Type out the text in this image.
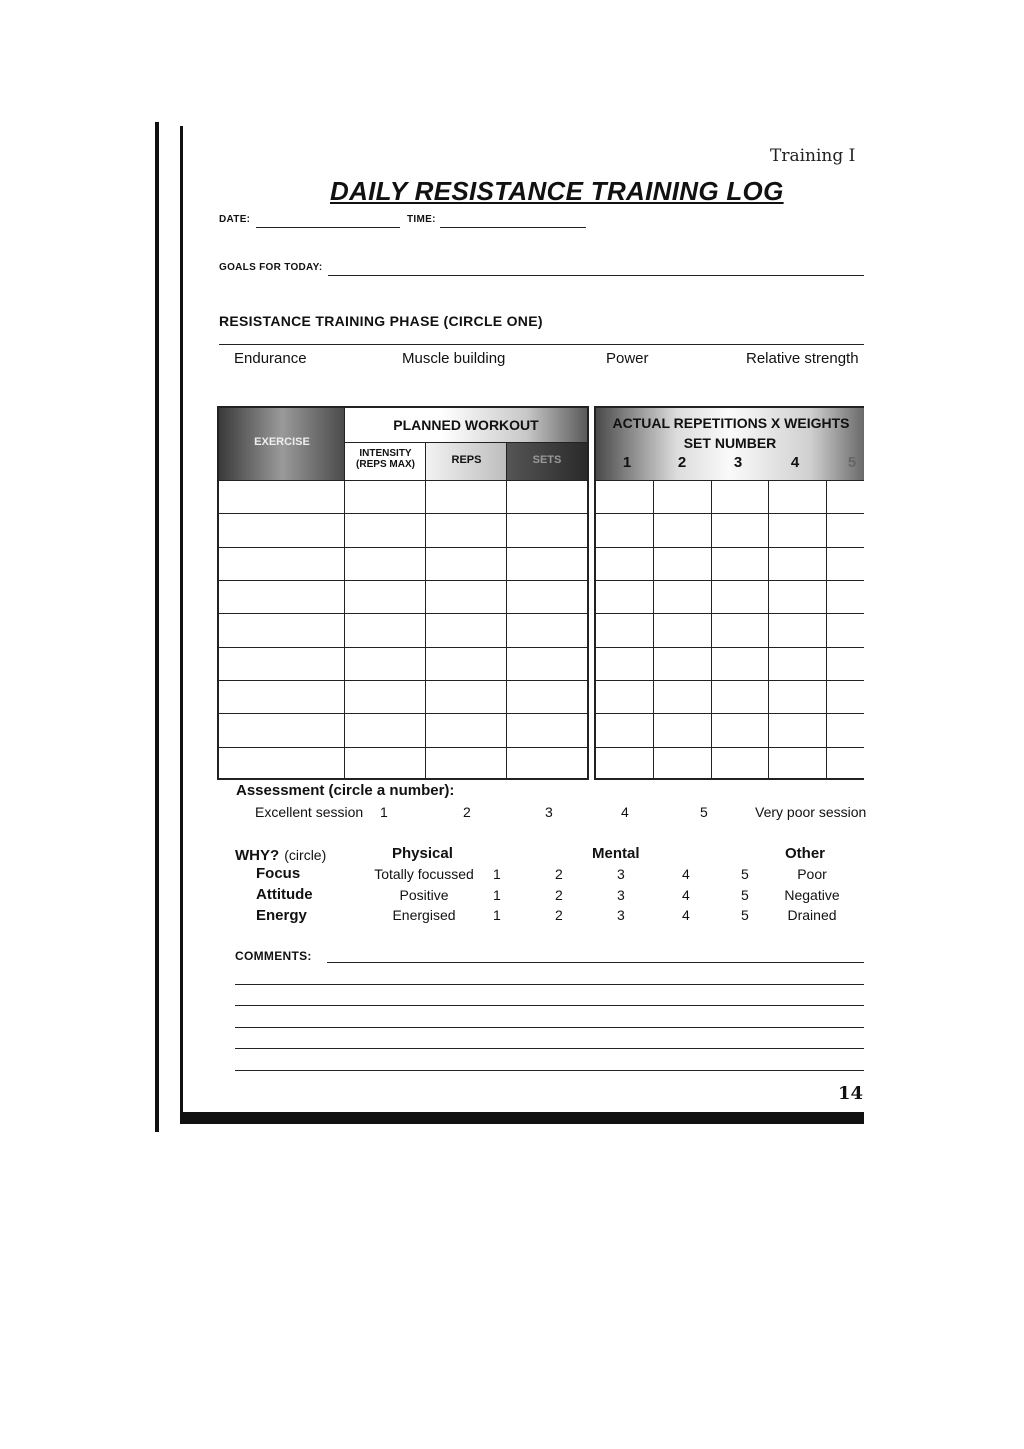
Training I
DAILY RESISTANCE TRAINING LOG
DATE:	TIME:
GOALS FOR TODAY:
RESISTANCE TRAINING PHASE (CIRCLE ONE)
Endurance	Muscle building	Power	Relative strength
EXERCISE
PLANNED WORKOUT
INTENSITY
(REPS MAX)	REPS	SETS
ACTUAL REPETITIONS X WEIGHTS
SET NUMBER
1	2	3	4	5
Assessment (circle a number):
Excellent session 1	2	3	4	5	Very poor session
WHY? (circle)	Physical	Mental	Other
Focus	Totally focussed	1	2	3	4	5	Poor
Attitude	Positive	1	2	3	4	5	Negative
Energy	Energised	1	2	3	4	5	Drained
COMMENTS:
14
